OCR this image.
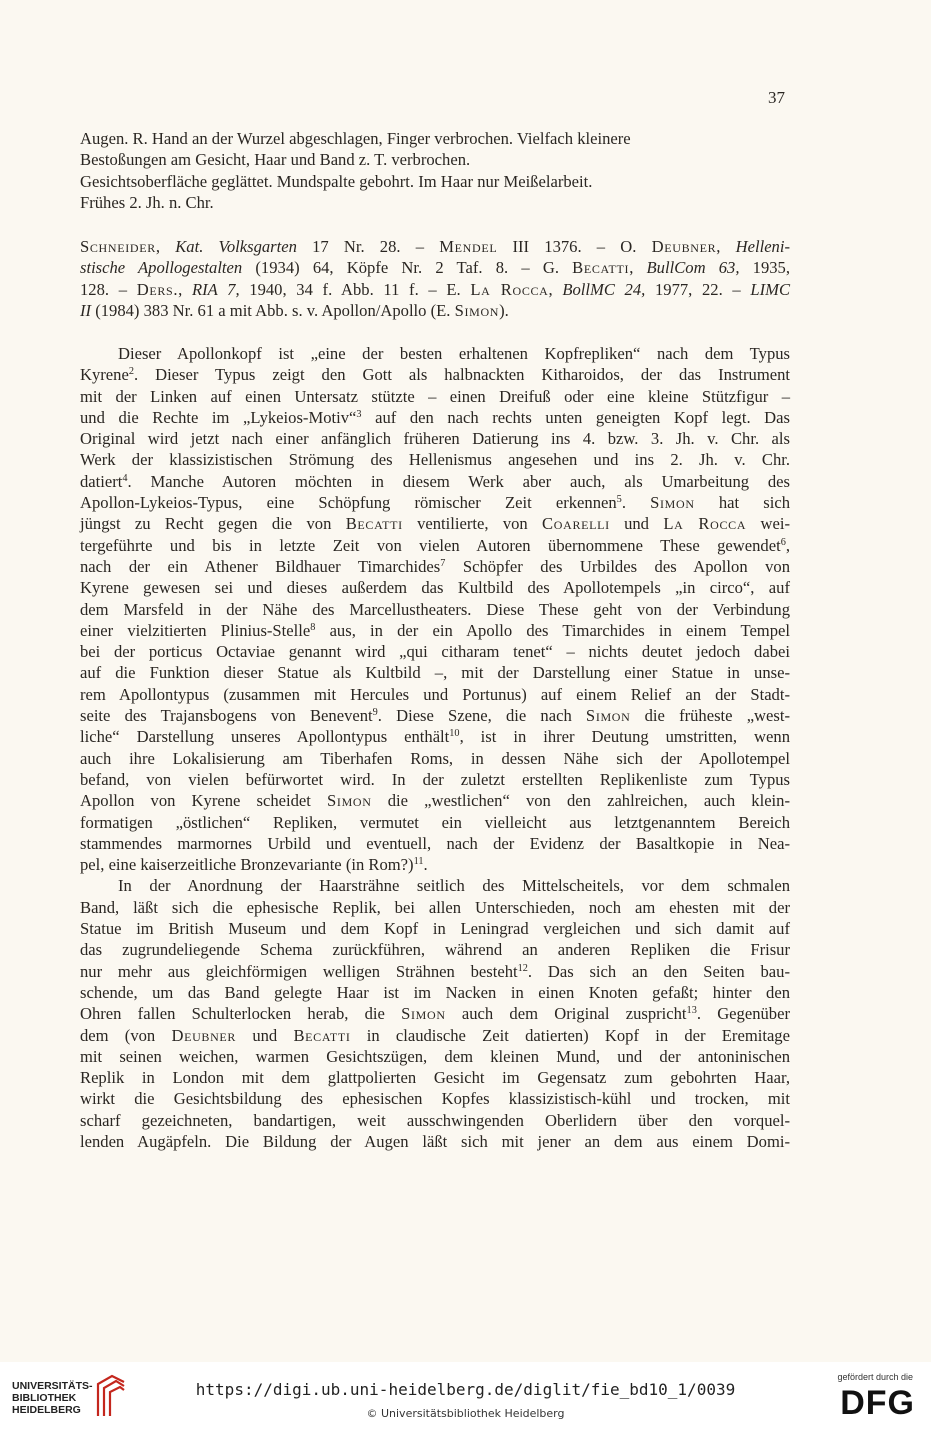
37
Augen. R. Hand an der Wurzel abgeschlagen, Finger verbrochen. Vielfach kleinere
Bestoßungen am Gesicht, Haar und Band z. T. verbrochen.
Gesichtsoberfläche geglättet. Mundspalte gebohrt. Im Haar nur Meißelarbeit.
Frühes 2. Jh. n. Chr.
Schneider, Kat. Volksgarten 17 Nr. 28. – Mendel III 1376. – O. Deubner, Helleni-
stische Apollogestalten (1934) 64, Köpfe Nr. 2 Taf. 8. – G. Becatti, BullCom 63, 1935,
128. – Ders., RIA 7, 1940, 34 f. Abb. 11 f. – E. La Rocca, BollMC 24, 1977, 22. – LIMC
II (1984) 383 Nr. 61 a mit Abb. s. v. Apollon/Apollo (E. Simon).
Dieser Apollonkopf ist „eine der besten erhaltenen Kopfrepliken“ nach dem Typus
Kyrene$^2$. Dieser Typus zeigt den Gott als halbnackten Kitharoidos, der das Instrument
mit der Linken auf einen Untersatz stützte – einen Dreifuß oder eine kleine Stützfigur –
und die Rechte im „Lykeios-Motiv“$^3$ auf den nach rechts unten geneigten Kopf legt. Das
Original wird jetzt nach einer anfänglich früheren Datierung ins 4. bzw. 3. Jh. v. Chr. als
Werk der klassizistischen Strömung des Hellenismus angesehen und ins 2. Jh. v. Chr.
datiert$^4$. Manche Autoren möchten in diesem Werk aber auch, als Umarbeitung des
Apollon-Lykeios-Typus, eine Schöpfung römischer Zeit erkennen$^5$. Simon hat sich
jüngst zu Recht gegen die von Becatti ventilierte, von Coarelli und La Rocca wei-
tergeführte und bis in letzte Zeit von vielen Autoren übernommene These gewendet$^6$,
nach der ein Athener Bildhauer Timarchides$^7$ Schöpfer des Urbildes des Apollon von
Kyrene gewesen sei und dieses außerdem das Kultbild des Apollotempels „in circo“, auf
dem Marsfeld in der Nähe des Marcellustheaters. Diese These geht von der Verbindung
einer vielzitierten Plinius-Stelle$^8$ aus, in der ein Apollo des Timarchides in einem Tempel
bei der porticus Octaviae genannt wird „qui citharam tenet“ – nichts deutet jedoch dabei
auf die Funktion dieser Statue als Kultbild –, mit der Darstellung einer Statue in unse-
rem Apollontypus (zusammen mit Hercules und Portunus) auf einem Relief an der Stadt-
seite des Trajansbogens von Benevent$^9$. Diese Szene, die nach Simon die früheste „west-
liche“ Darstellung unseres Apollontypus enthält$^{10}$, ist in ihrer Deutung umstritten, wenn
auch ihre Lokalisierung am Tiberhafen Roms, in dessen Nähe sich der Apollotempel
befand, von vielen befürwortet wird. In der zuletzt erstellten Replikenliste zum Typus
Apollon von Kyrene scheidet Simon die „westlichen“ von den zahlreichen, auch klein-
formatigen „östlichen“ Repliken, vermutet ein vielleicht aus letztgenanntem Bereich
stammendes marmornes Urbild und eventuell, nach der Evidenz der Basaltkopie in Nea-
pel, eine kaiserzeitliche Bronzevariante (in Rom?)$^{11}$.
In der Anordnung der Haarsträhne seitlich des Mittelscheitels, vor dem schmalen
Band, läßt sich die ephesische Replik, bei allen Unterschieden, noch am ehesten mit der
Statue im British Museum und dem Kopf in Leningrad vergleichen und sich damit auf
das zugrundeliegende Schema zurückführen, während an anderen Repliken die Frisur
nur mehr aus gleichförmigen welligen Strähnen besteht$^{12}$. Das sich an den Seiten bau-
schende, um das Band gelegte Haar ist im Nacken in einen Knoten gefaßt; hinter den
Ohren fallen Schulterlocken herab, die Simon auch dem Original zuspricht$^{13}$. Gegenüber
dem (von Deubner und Becatti in claudische Zeit datierten) Kopf in der Eremitage
mit seinen weichen, warmen Gesichtszügen, dem kleinen Mund, und der antoninischen
Replik in London mit dem glattpolierten Gesicht im Gegensatz zum gebohrten Haar,
wirkt die Gesichtsbildung des ephesischen Kopfes klassizistisch-kühl und trocken, mit
scharf gezeichneten, bandartigen, weit ausschwingenden Oberlidern über den vorquel-
lenden Augäpfeln. Die Bildung der Augen läßt sich mit jener an dem aus einem Domi-
UNIVERSITÄTS-
BIBLIOTHEK
HEIDELBERG
https://digi.ub.uni-heidelberg.de/diglit/fie_bd10_1/0039
© Universitätsbibliothek Heidelberg
gefördert durch die
DFG
